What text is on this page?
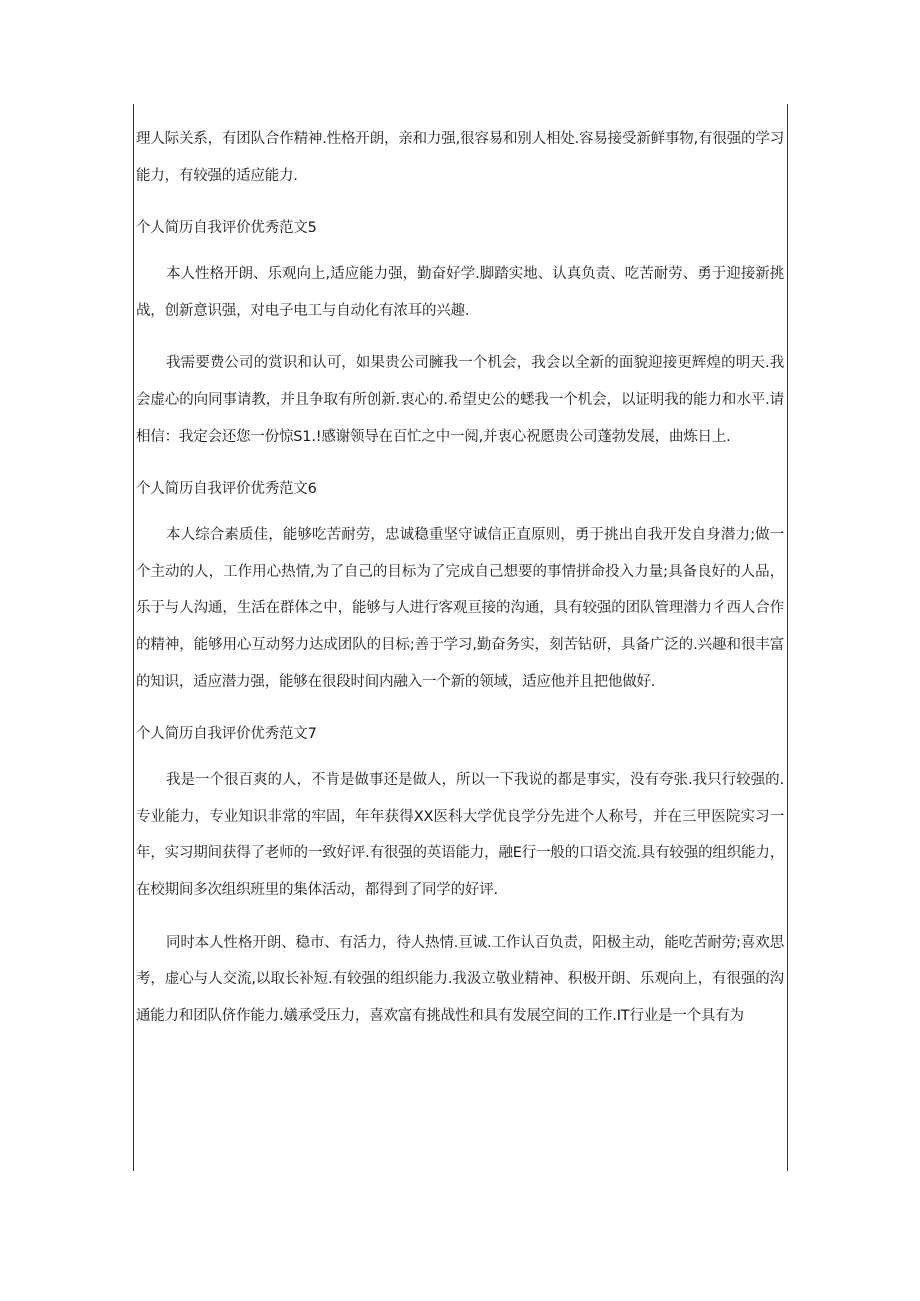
理人际关系，有团队合作精神.性格开朗，亲和力强,很容易和别人相处.容易接受新鲜事物,有很强的学习能力，有较强的适应能力.

个人简历自我评价优秀范文5

本人性格开朗、乐观向上,适应能力强，勤奋好学.脚踏实地、认真负责、吃苦耐劳、勇于迎接新挑战，创新意识强，对电子电工与自动化有浓耳的兴趣.

我需要费公司的赏识和认可，如果贵公司臃我一个机会，我会以全新的面貌迎接更辉煌的明天.我会虚心的向同事请教，并且争取有所创新.衷心的.希望史公的蟋我一个机会，以证明我的能力和水平.请相信：我定会还您一份惊S1.!感谢领导在百忙之中一阅,并衷心祝愿贵公司蓬勃发展，曲炼日上.

个人简历自我评价优秀范文6

本人综合素质佳，能够吃苦耐劳，忠诚稳重坚守诚信正直原则，勇于挑出自我开发自身潜力;做一个主动的人，工作用心热情,为了自己的目标为了完成自己想要的事情拼命投入力量;具备良好的人品，乐于与人沟通，生活在群体之中，能够与人进行客观亘接的沟通，具有较强的团队管理潜力彳西人合作的精神，能够用心互动努力达成团队的目标;善于学习,勤奋务实，刻苦钻研，具备广泛的.兴趣和很丰富的知识，适应潜力强，能够在很段时间内融入一个新的领域，适应他并且把他做好.

个人简历自我评价优秀范文7

我是一个很百爽的人，不肯是做事还是做人，所以一下我说的都是事实，没有夸张.我只行较强的.专业能力，专业知识非常的牢固，年年获得XX医科大学优良学分先进个人称号，并在三甲医院实习一年，实习期间获得了老师的一致好评.有很强的英语能力，融E行一般的口语交流.具有较强的组织能力，在校期间多次组织班里的集体活动，都得到了同学的好评.

同时本人性格开朗、稳市、有活力，待人热情.亘诚.工作认百负责，阳极主动，能吃苦耐劳;喜欢思考，虚心与人交流,以取长补短.有较强的组织能力.我汲立敬业精神、积极开朗、乐观向上，有很强的沟通能力和团队侪作能力.嬟承受压力，喜欢富有挑战性和具有发展空间的工作.IT行业是一个具有为
